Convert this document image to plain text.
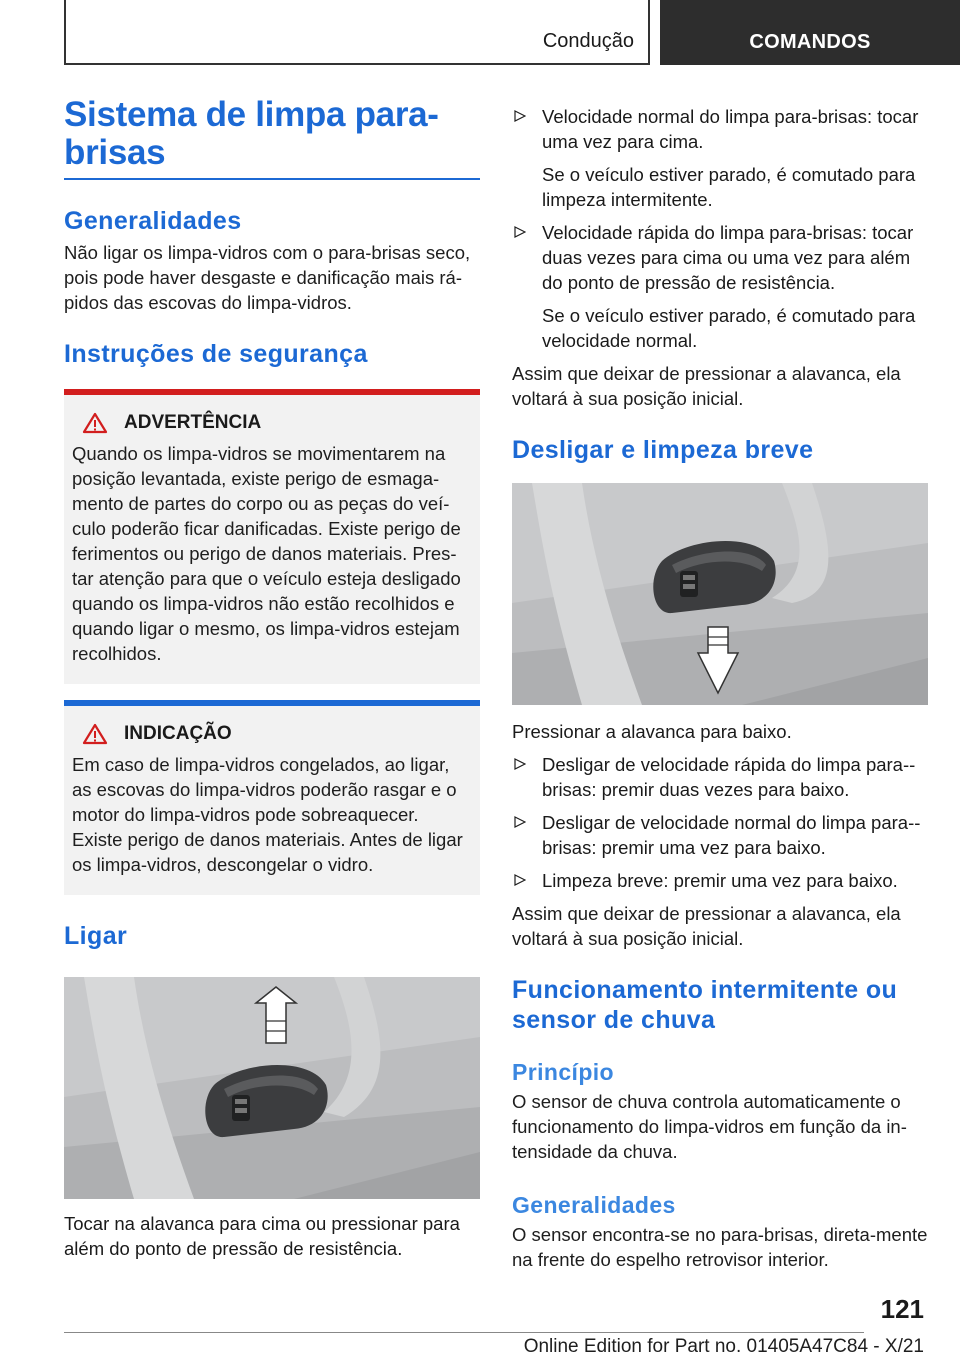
Condução	COMANDOS
Sistema de limpa para-brisas
Generalidades

Não ligar os limpa-vidros com o para-brisas seco, pois pode haver desgaste e danificação mais rá-pidos das escovas do limpa-vidros.

Instruções de segurança
ADVERTÊNCIA

Quando os limpa-vidros se movimentarem na posição levantada, existe perigo de esmaga-mento de partes do corpo ou as peças do veí-culo poderão ficar danificadas. Existe perigo de ferimentos ou perigo de danos materiais. Pres-tar atenção para que o veículo esteja desligado quando os limpa-vidros não estão recolhidos e quando ligar o mesmo, os limpa-vidros estejam recolhidos.

INDICAÇÃO

Em caso de limpa-vidros congelados, ao ligar, as escovas do limpa-vidros poderão rasgar e o motor do limpa-vidros pode sobreaquecer. Existe perigo de danos materiais. Antes de ligar os limpa-vidros, descongelar o vidro.

Ligar

Tocar na alavanca para cima ou pressionar para além do ponto de pressão de resistência.

Velocidade normal do limpa para-brisas: tocar uma vez para cima.
Se o veículo estiver parado, é comutado para limpeza intermitente.
Velocidade rápida do limpa para-brisas: tocar duas vezes para cima ou uma vez para além do ponto de pressão de resistência.
Se o veículo estiver parado, é comutado para velocidade normal.

Assim que deixar de pressionar a alavanca, ela voltará à sua posição inicial.

Desligar e limpeza breve

Pressionar a alavanca para baixo.

Desligar de velocidade rápida do limpa para--brisas: premir duas vezes para baixo.
Desligar de velocidade normal do limpa para--brisas: premir uma vez para baixo.
Limpeza breve: premir uma vez para baixo.

Assim que deixar de pressionar a alavanca, ela voltará à sua posição inicial.

Funcionamento intermitente ou sensor de chuva
Princípio

O sensor de chuva controla automaticamente o funcionamento do limpa-vidros em função da in-tensidade da chuva.

Generalidades

O sensor encontra-se no para-brisas, direta-mente na frente do espelho retrovisor interior.

121
Online Edition for Part no. 01405A47C84 - X/21
